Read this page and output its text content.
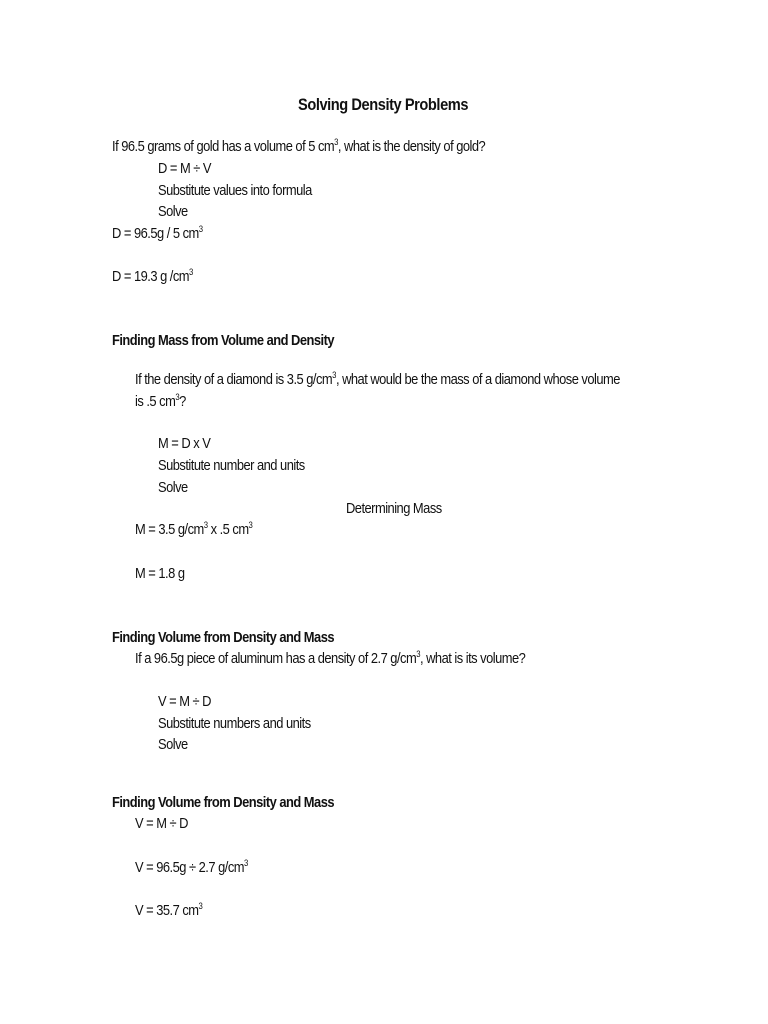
Solving Density Problems
If 96.5 grams of gold has a volume of 5 $cm^3$, what is the density of gold?
D = M ÷ V
Substitute values into formula
Solve
D = 96.5g / 5 $cm^3$
D = 19.3 g $/cm^3$
Finding Mass from Volume and Density
If the density of a diamond is 3.5 $g/cm^3$, what would be the mass of a diamond whose volume
is .5 $cm^3$?
M = D x V
Substitute number and units
Solve
Determining Mass
M = 3.5 $g/cm^3$ x .5 $cm^3$
M = 1.8 g
Finding Volume from Density and Mass
If a 96.5g piece of aluminum has a density of 2.7 $g/cm^3$, what is its volume?
V = M ÷ D
Substitute numbers and units
Solve
Finding Volume from Density and Mass
V = M ÷ D
V = 96.5g ÷ 2.7 $g/cm^3$
V = 35.7 $cm^3$
